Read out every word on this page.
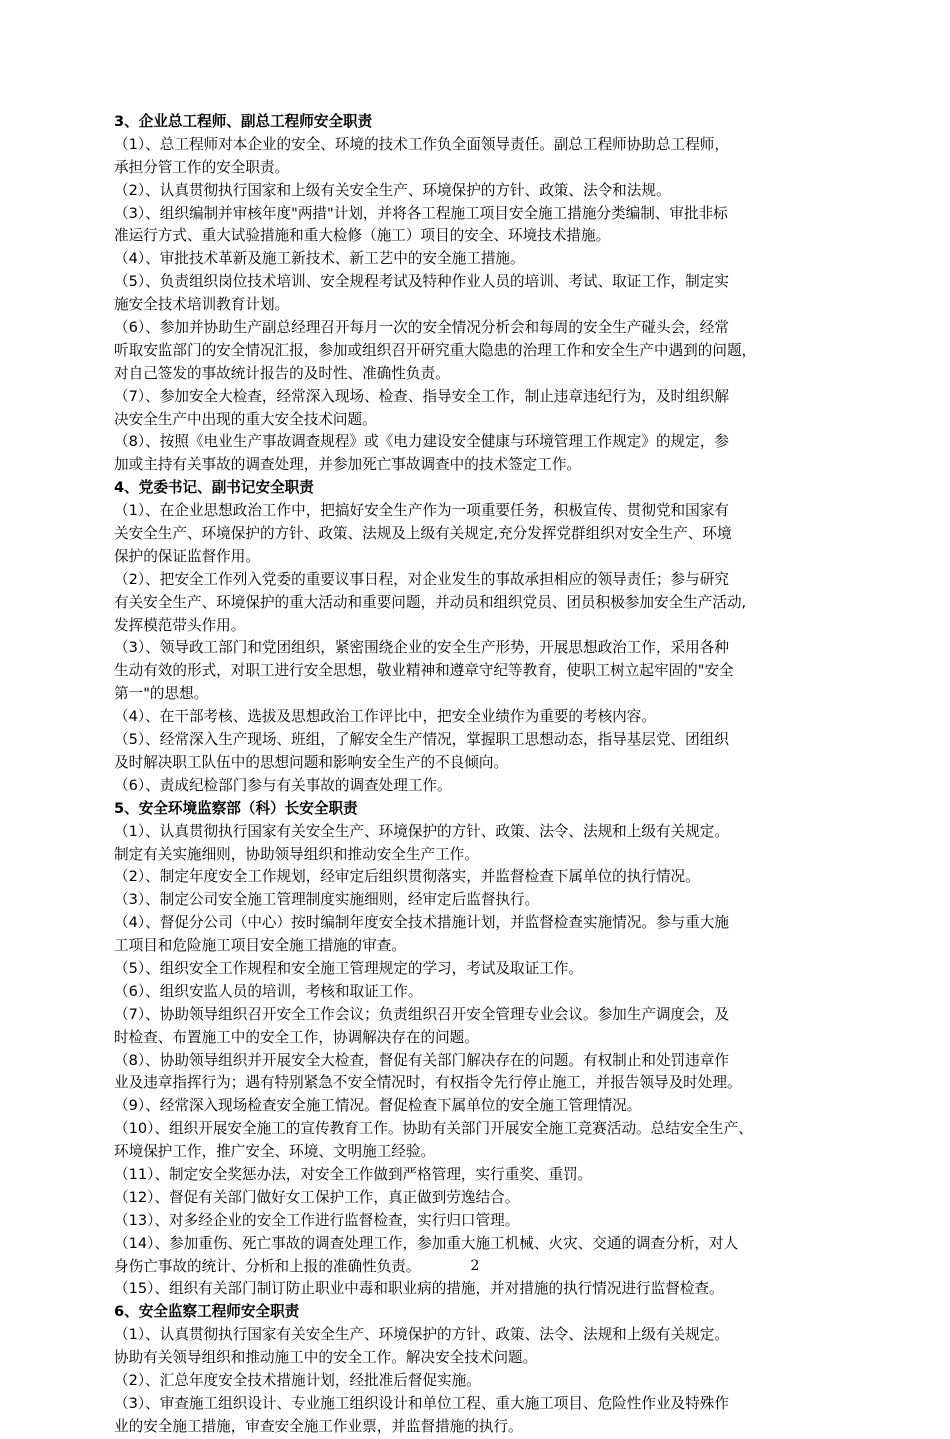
3、企业总工程师、副总工程师安全职责
（1）、总工程师对本企业的安全、环境的技术工作负全面领导责任。副总工程师协助总工程师，
承担分管工作的安全职责。
（2）、认真贯彻执行国家和上级有关安全生产、环境保护的方针、政策、法令和法规。
（3）、组织编制并审核年度"两措"计划，并将各工程施工项目安全施工措施分类编制、审批非标
准运行方式、重大试验措施和重大检修（施工）项目的安全、环境技术措施。
（4）、审批技术革新及施工新技术、新工艺中的安全施工措施。
（5）、负责组织岗位技术培训、安全规程考试及特种作业人员的培训、考试、取证工作，制定实
施安全技术培训教育计划。
（6）、参加并协助生产副总经理召开每月一次的安全情况分析会和每周的安全生产碰头会，经常
听取安监部门的安全情况汇报，参加或组织召开研究重大隐患的治理工作和安全生产中遇到的问题，
对自己签发的事故统计报告的及时性、准确性负责。
（7）、参加安全大检查，经常深入现场、检查、指导安全工作，制止违章违纪行为，及时组织解
决安全生产中出现的重大安全技术问题。
（8）、按照《电业生产事故调查规程》或《电力建设安全健康与环境管理工作规定》的规定，参
加或主持有关事故的调查处理，并参加死亡事故调查中的技术签定工作。
4、党委书记、副书记安全职责
（1）、在企业思想政治工作中，把搞好安全生产作为一项重要任务，积极宣传、贯彻党和国家有
关安全生产、环境保护的方针、政策、法规及上级有关规定,充分发挥党群组织对安全生产、环境
保护的保证监督作用。
（2）、把安全工作列入党委的重要议事日程，对企业发生的事故承担相应的领导责任；参与研究
有关安全生产、环境保护的重大活动和重要问题，并动员和组织党员、团员积极参加安全生产活动,
发挥模范带头作用。
（3）、领导政工部门和党团组织，紧密围绕企业的安全生产形势，开展思想政治工作，采用各种
生动有效的形式，对职工进行安全思想，敬业精神和遵章守纪等教育，使职工树立起牢固的"安全
第一"的思想。
（4）、在干部考核、选拔及思想政治工作评比中，把安全业绩作为重要的考核内容。
（5）、经常深入生产现场、班组，了解安全生产情况，掌握职工思想动态，指导基层党、团组织
及时解决职工队伍中的思想问题和影响安全生产的不良倾向。
（6）、责成纪检部门参与有关事故的调查处理工作。
5、安全环境监察部（科）长安全职责
（1）、认真贯彻执行国家有关安全生产、环境保护的方针、政策、法令、法规和上级有关规定。
制定有关实施细则，协助领导组织和推动安全生产工作。
（2）、制定年度安全工作规划，经审定后组织贯彻落实，并监督检查下属单位的执行情况。
（3）、制定公司安全施工管理制度实施细则，经审定后监督执行。
（4）、督促分公司（中心）按时编制年度安全技术措施计划，并监督检查实施情况。参与重大施
工项目和危险施工项目安全施工措施的审查。
（5）、组织安全工作规程和安全施工管理规定的学习，考试及取证工作。
（6）、组织安监人员的培训，考核和取证工作。
（7）、协助领导组织召开安全工作会议；负责组织召开安全管理专业会议。参加生产调度会，及
时检查、布置施工中的安全工作，协调解决存在的问题。
（8）、协助领导组织并开展安全大检查，督促有关部门解决存在的问题。有权制止和处罚违章作
业及违章指挥行为；遇有特别紧急不安全情况时，有权指令先行停止施工，并报告领导及时处理。
（9）、经常深入现场检查安全施工情况。督促检查下属单位的安全施工管理情况。
（10）、组织开展安全施工的宣传教育工作。协助有关部门开展安全施工竞赛活动。总结安全生产、
环境保护工作，推广安全、环境、文明施工经验。
（11）、制定安全奖惩办法，对安全工作做到严格管理，实行重奖、重罚。
（12）、督促有关部门做好女工保护工作，真正做到劳逸结合。
（13）、对多经企业的安全工作进行监督检查，实行归口管理。
（14）、参加重伤、死亡事故的调查处理工作，参加重大施工机械、火灾、交通的调查分析，对人
身伤亡事故的统计、分析和上报的准确性负责。
（15）、组织有关部门制订防止职业中毒和职业病的措施，并对措施的执行情况进行监督检查。
6、安全监察工程师安全职责
（1）、认真贯彻执行国家有关安全生产、环境保护的方针、政策、法令、法规和上级有关规定。
协助有关领导组织和推动施工中的安全工作。解决安全技术问题。
（2）、汇总年度安全技术措施计划，经批准后督促实施。
（3）、审查施工组织设计、专业施工组织设计和单位工程、重大施工项目、危险性作业及特殊作
业的安全施工措施，审查安全施工作业票，并监督措施的执行。
2
